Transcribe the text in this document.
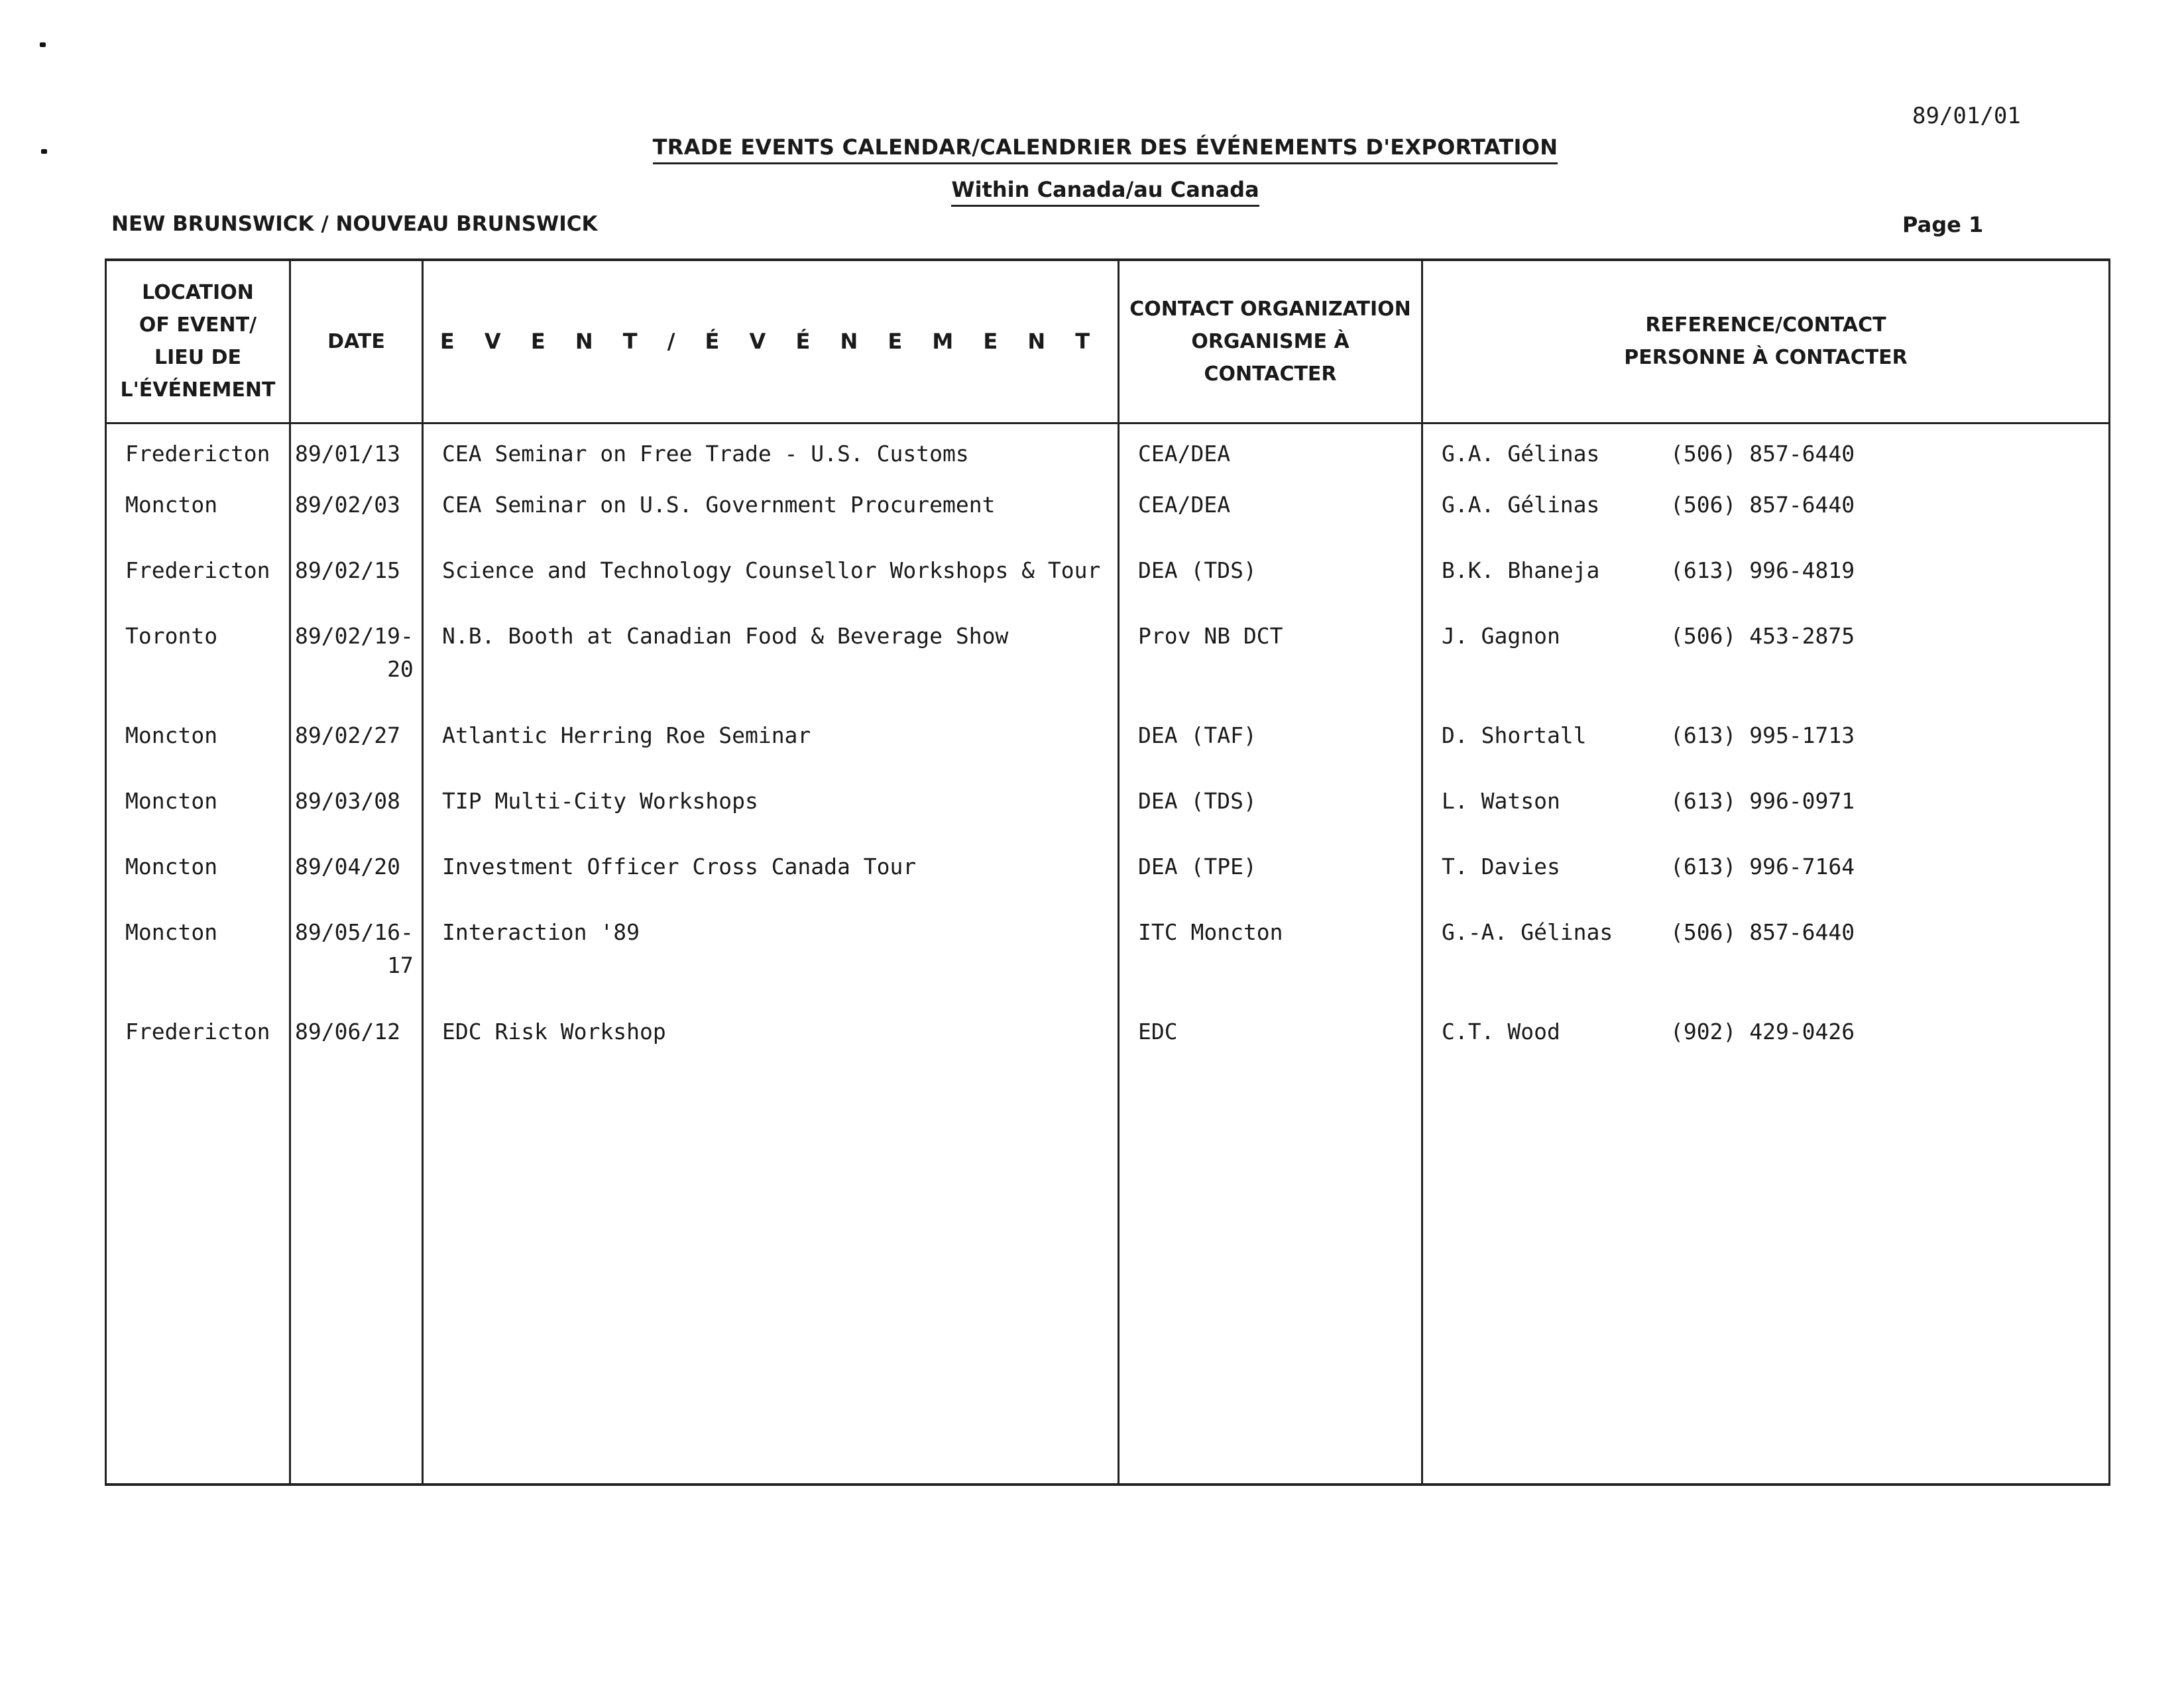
89/01/01
TRADE EVENTS CALENDAR/CALENDRIER DES ÉVÉNEMENTS D'EXPORTATION
Within Canada/au Canada
NEW BRUNSWICK / NOUVEAU BRUNSWICK	Page 1
LOCATION
OF EVENT/
LIEU DE
L'ÉVÉNEMENT	DATE	E V E N T / É V É N E M E N T	CONTACT ORGANIZATION
ORGANISME À
CONTACTER	REFERENCE/CONTACT
PERSONNE À CONTACTER
Fredericton	89/01/13	CEA Seminar on Free Trade - U.S. Customs	CEA/DEA	G.A. Gélinas (506) 857-6440
Moncton	89/02/03	CEA Seminar on U.S. Government Procurement	CEA/DEA	G.A. Gélinas (506) 857-6440
Fredericton	89/02/15	Science and Technology Counsellor Workshops & Tour	DEA (TDS)	B.K. Bhaneja (613) 996-4819
Toronto	89/02/19-
20	N.B. Booth at Canadian Food & Beverage Show	Prov NB DCT	J. Gagnon (506) 453-2875
Moncton	89/02/27	Atlantic Herring Roe Seminar	DEA (TAF)	D. Shortall (613) 995-1713
Moncton	89/03/08	TIP Multi-City Workshops	DEA (TDS)	L. Watson (613) 996-0971
Moncton	89/04/20	Investment Officer Cross Canada Tour	DEA (TPE)	T. Davies (613) 996-7164
Moncton	89/05/16-
17	Interaction '89	ITC Moncton	G.-A. Gélinas (506) 857-6440
Fredericton	89/06/12	EDC Risk Workshop	EDC	C.T. Wood (902) 429-0426
